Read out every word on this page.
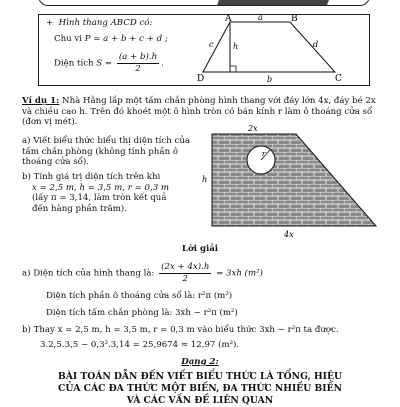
+  Hình thang ABCD có:
Chu vi P = a + b + c + d ;
Diện tích $S = \frac{(a + b).h}{2}$ .
A	B
C
D
a
d
b
c h
Ví dụ 1: Nhà Hằng lắp một tấm chắn phòng hình thang với đáy lớn 4x, đáy bé 2x và chiều cao h. Trên đó khoét một ô hình tròn có bán kính r làm ô thoáng cửa sổ (đơn vị mét).
a) Viết biểu thức biểu thị diện tích của tấm chắn phòng (không tính phần ô thoáng cửa sổ).
b) Tính giá trị diện tích trên khi
x = 2,5 m, h = 3,5 m, r = 0,3 m
(lấy π = 3,14, làm tròn kết quả
đến hàng phần trăm).
2x
r
h
4x
Lời giải
a) Diện tích của hình thang là: $\frac{(2x + 4x).h}{2} = 3xh$ (m²)
Diện tích phần ô thoáng cửa sổ là: r²π (m²)
Diện tích tấm chắn phòng là: 3xh − r²π (m²)
b) Thay x = 2,5 m, h = 3,5 m, r = 0,3 m vào biểu thức 3xh − r²π ta được.
3.2,5.3,5 − 0,3².3,14 = 25,9674 ≈ 12,97 (m²).
Dạng 2:
BÀI TOÁN DẪN ĐẾN VIẾT BIỂU THỨC LÀ TỔNG, HIỆU
CỦA CÁC ĐA THỨC MỘT BIẾN, ĐA THỨC NHIỀU BIẾN
VÀ CÁC VẤN ĐỀ LIÊN QUAN
